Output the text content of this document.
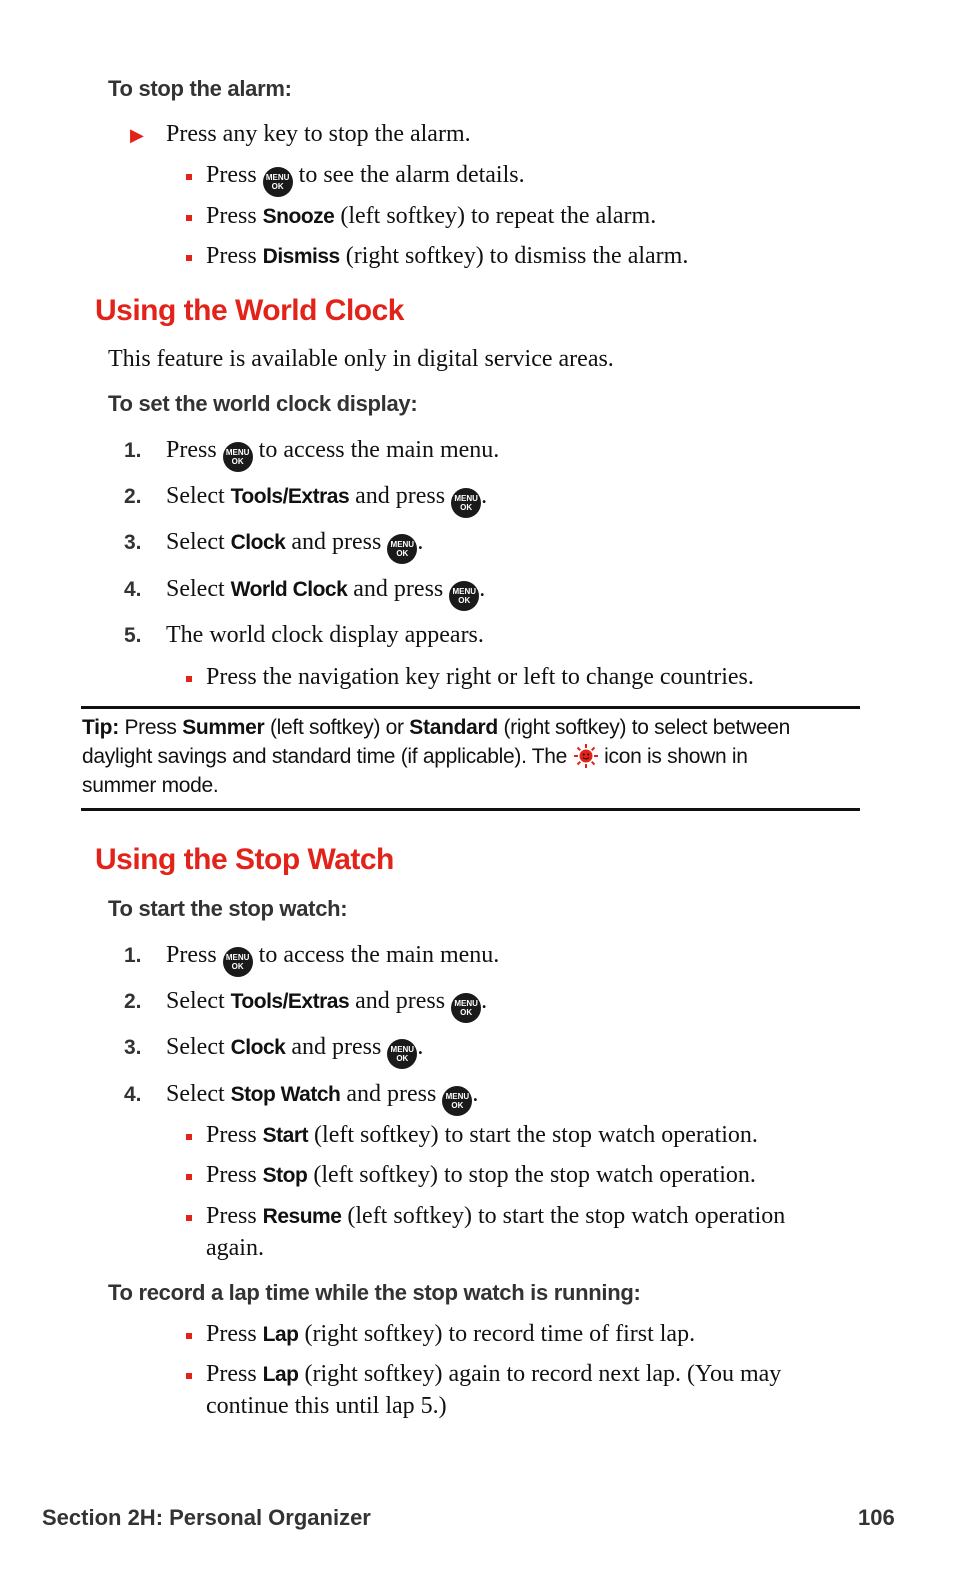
To stop the alarm:
▶ Press any key to stop the alarm.
Press MENU
OK to see the alarm details.
Press Snooze (left softkey) to repeat the alarm.
Press Dismiss (right softkey) to dismiss the alarm.
Using the World Clock
This feature is available only in digital service areas.
To set the world clock display:
1. Press MENU
OK to access the main menu.
2. Select Tools/Extras and press MENU
OK .
3. Select Clock and press MENU
OK .
4. Select World Clock and press MENU
OK .
5. The world clock display appears.
Press the navigation key right or left to change countries.
Tip: Press Summer (left softkey) or Standard (right softkey) to select between
daylight savings and standard time (if applicable). The icon is shown in
summer mode.
Using the Stop Watch
To start the stop watch:
1. Press MENU
OK to access the main menu.
2. Select Tools/Extras and press MENU
OK .
3. Select Clock and press MENU
OK .
4. Select Stop Watch and press MENU
OK .
Press Start (left softkey) to start the stop watch operation.
Press Stop (left softkey) to stop the stop watch operation.
Press Resume (left softkey) to start the stop watch operation
again.
To record a lap time while the stop watch is running:
Press Lap (right softkey) to record time of first lap.
Press Lap (right softkey) again to record next lap. (You may
continue this until lap 5.)
Section 2H: Personal Organizer	106
